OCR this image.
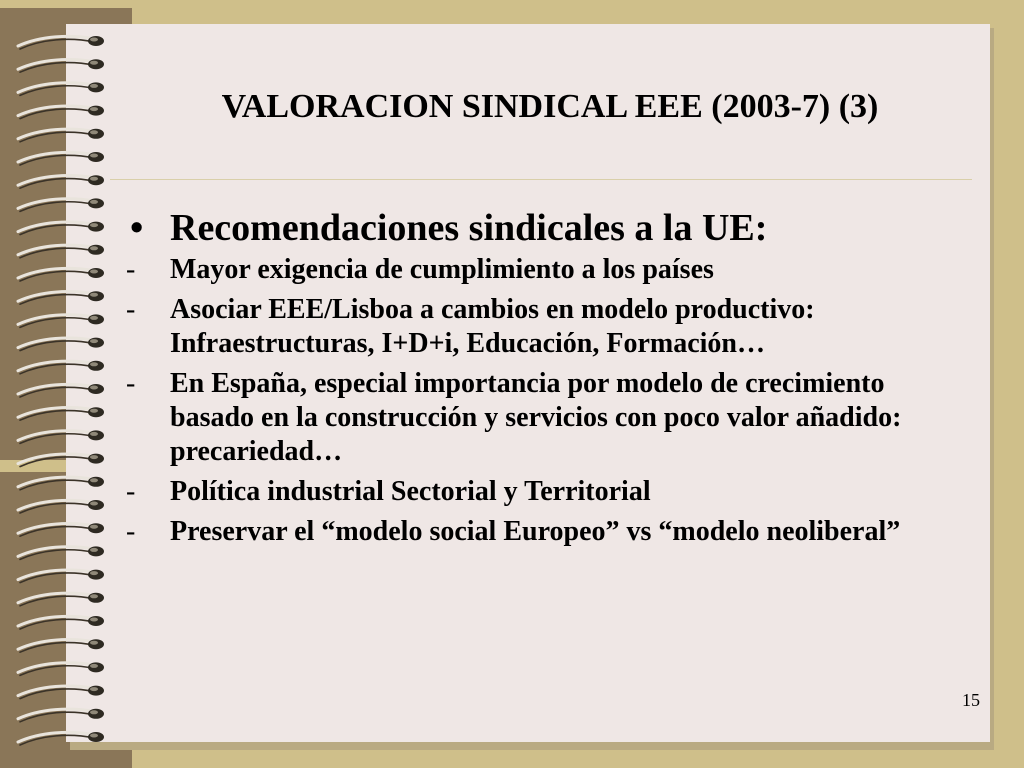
VALORACION SINDICAL EEE (2003-7) (3)
• Recomendaciones sindicales a la UE:
-	Mayor exigencia de cumplimiento a los países
-	Asociar EEE/Lisboa a cambios en modelo productivo: Infraestructuras, I+D+i, Educación, Formación…
-	En España, especial importancia por modelo de crecimiento basado en la construcción y servicios con poco valor añadido: precariedad…
-	Política industrial Sectorial y Territorial
-	Preservar el “modelo social Europeo” vs “modelo neoliberal”
15
